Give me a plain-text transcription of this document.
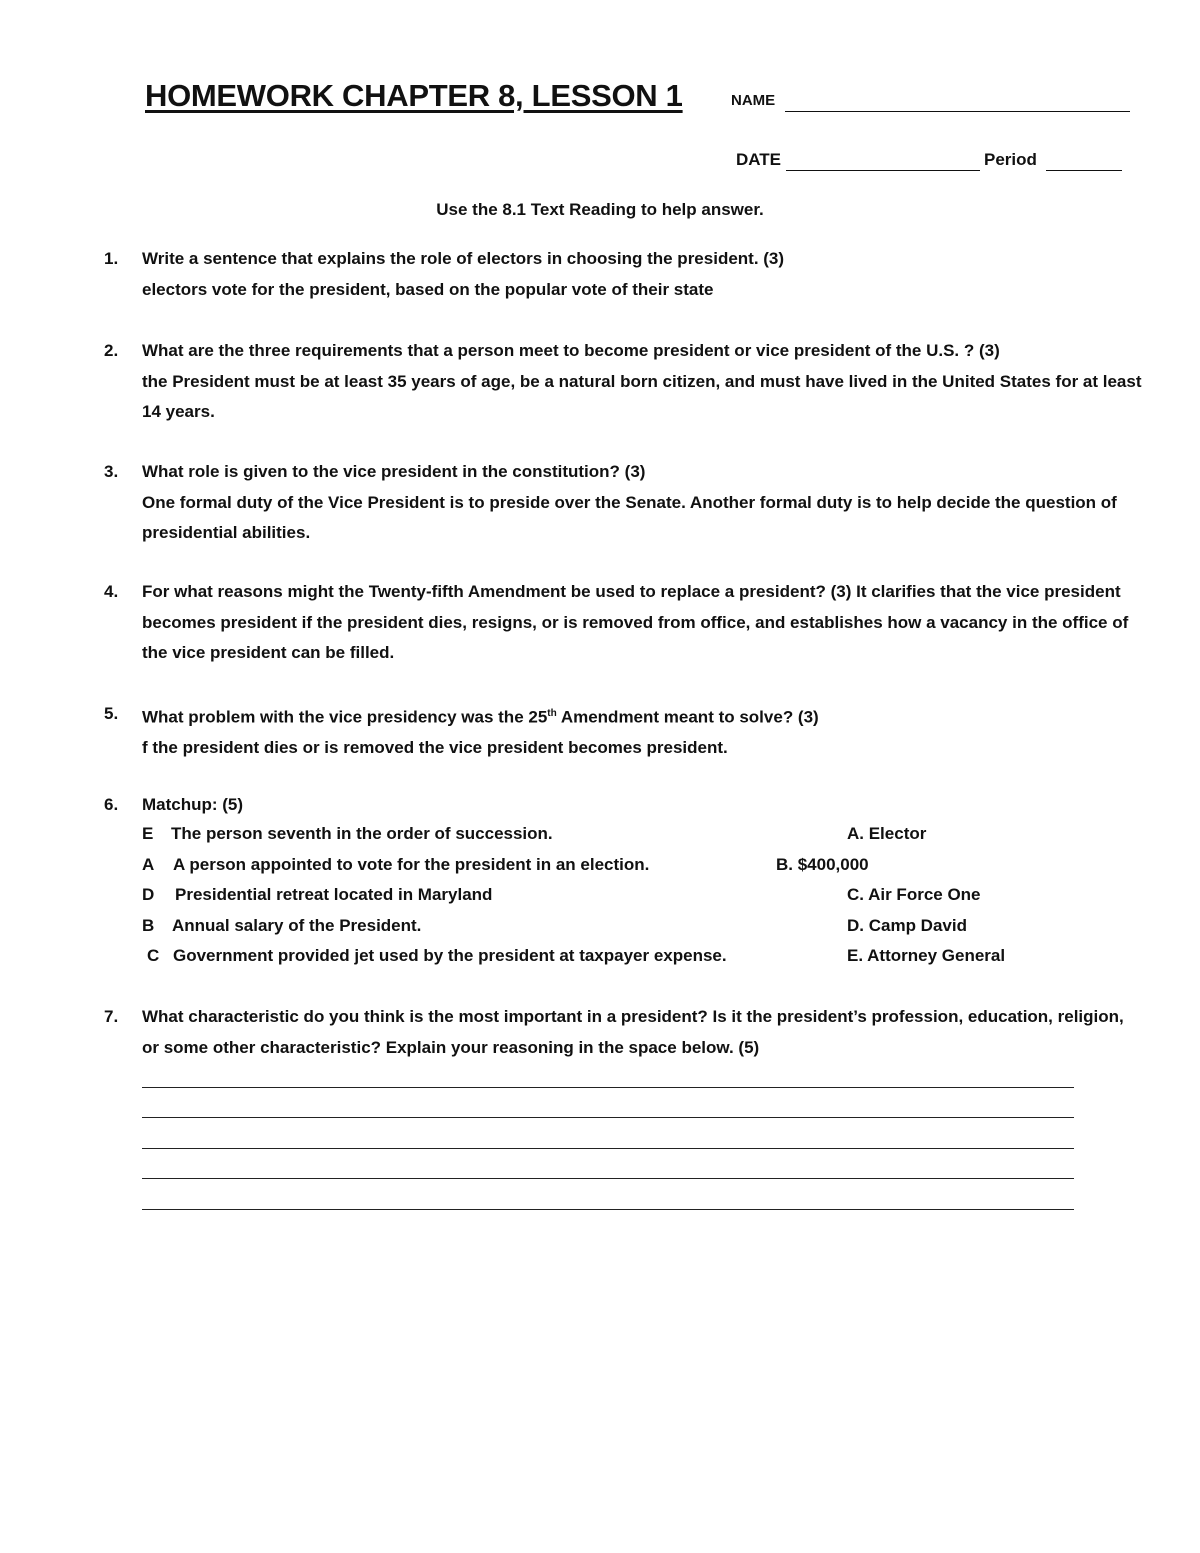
HOMEWORK CHAPTER 8, LESSON 1	NAME
DATE	Period
Use the 8.1 Text Reading to help answer.
1. Write a sentence that explains the role of electors in choosing the president. (3)
electors vote for the president, based on the popular vote of their state
2. What are the three requirements that a person meet to become president or vice president of the U.S. ? (3)
the President must be at least 35 years of age, be a natural born citizen, and must have lived in the United States for at least 14 years.
3. What role is given to the vice president in the constitution? (3)
One formal duty of the Vice President is to preside over the Senate. Another formal duty is to help decide the question of presidential abilities.
4. For what reasons might the Twenty-fifth Amendment be used to replace a president? (3) It clarifies that the vice president becomes president if the president dies, resigns, or is removed from office, and establishes how a vacancy in the office of the vice president can be filled.
5. What problem with the vice presidency was the 25th Amendment meant to solve? (3)
f the president dies or is removed the vice president becomes president.
6. Matchup: (5)
E The person seventh in the order of succession.	A. Elector
A A person appointed to vote for the president in an election.	B. $400,000
D Presidential retreat located in Maryland	C. Air Force One
B Annual salary of the President.	D. Camp David
C Government provided jet used by the president at taxpayer expense.	E. Attorney General
7. What characteristic do you think is the most important in a president? Is it the president’s profession, education, religion, or some other characteristic? Explain your reasoning in the space below. (5)
